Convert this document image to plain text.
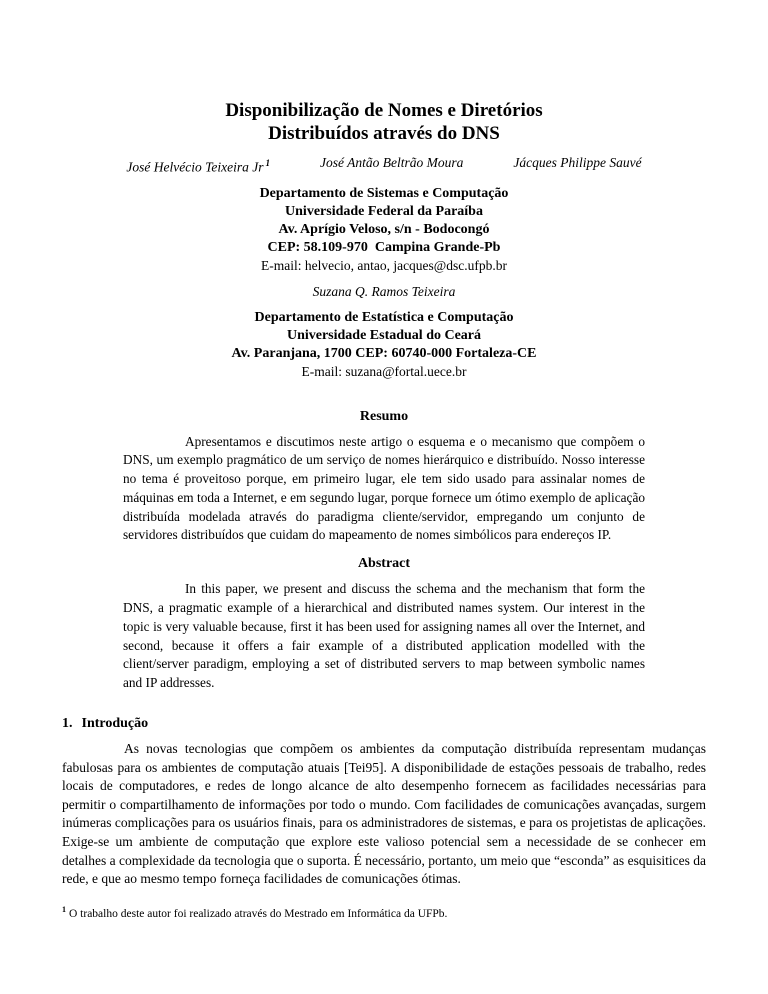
Disponibilização de Nomes e Diretórios
Distribuídos através do DNS
José Helvécio Teixeira Jr $^1$	José Antão Beltrão Moura	Jácques Philippe Sauvé
Departamento de Sistemas e Computação
Universidade Federal da Paraíba
Av. Aprígio Veloso, s/n - Bodocongó
CEP: 58.109-970  Campina Grande-Pb
E-mail: helvecio, antao, jacques@dsc.ufpb.br
Suzana Q. Ramos Teixeira
Departamento de Estatística e Computação
Universidade Estadual do Ceará
Av. Paranjana, 1700 CEP: 60740-000 Fortaleza-CE
E-mail: suzana@fortal.uece.br
Resumo

Apresentamos e discutimos neste artigo o esquema e o mecanismo que compõem o DNS, um exemplo pragmático de um serviço de nomes hierárquico e distribuído. Nosso interesse no tema é proveitoso porque, em primeiro lugar, ele tem sido usado para assinalar nomes de máquinas em toda a Internet, e em segundo lugar, porque fornece um ótimo exemplo de aplicação distribuída modelada através do paradigma cliente/servidor, empregando um conjunto de servidores distribuídos que cuidam do mapeamento de nomes simbólicos para endereços IP.

Abstract

In this paper, we present and discuss the schema and the mechanism that form the DNS, a pragmatic example of a hierarchical and distributed names system. Our interest in the topic is very valuable because, first it has been used for assigning names all over the Internet, and second, because it offers a fair example of a distributed application modelled with the client/server paradigm, employing a set of distributed servers to map between symbolic names and IP addresses.

1. Introdução

As novas tecnologias que compõem os ambientes da computação distribuída representam mudanças fabulosas para os ambientes de computação atuais [Tei95]. A disponibilidade de estações pessoais de trabalho, redes locais de computadores, e redes de longo alcance de alto desempenho fornecem as facilidades necessárias para permitir o compartilhamento de informações por todo o mundo. Com facilidades de comunicações avançadas, surgem inúmeras complicações para os usuários finais, para os administradores de sistemas, e para os projetistas de aplicações. Exige-se um ambiente de computação que explore este valioso potencial sem a necessidade de se conhecer em detalhes a complexidade da tecnologia que o suporta. É necessário, portanto, um meio que “esconda” as esquisitices da rede, e que ao mesmo tempo forneça facilidades de comunicações ótimas.

$^1$ O trabalho deste autor foi realizado através do Mestrado em Informática da UFPb.
